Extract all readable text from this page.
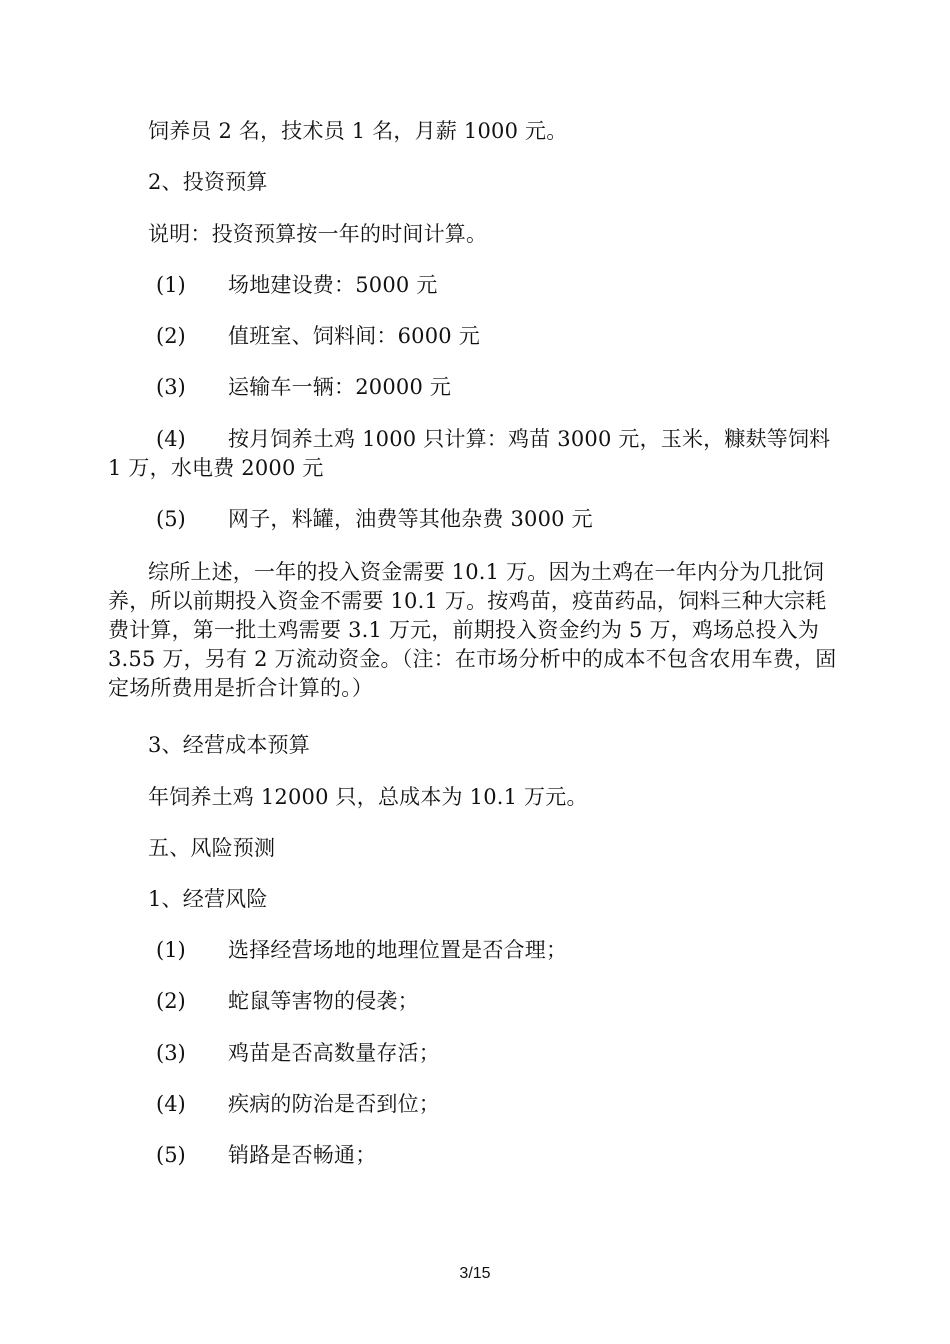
饲养员 2 名，技术员 1 名，月薪 1000 元。
2、投资预算
说明：投资预算按一年的时间计算。
(1) 场地建设费：5000 元
(2) 值班室、饲料间：6000 元
(3) 运输车一辆：20000 元
(4) 按月饲养土鸡 1000 只计算：鸡苗 3000 元，玉米，糠麸等饲料
1 万，水电费 2000 元
(5) 网子，料罐，油费等其他杂费 3000 元
综所上述，一年的投入资金需要 10.1 万。因为土鸡在一年内分为几批饲养，所以前期投入资金不需要 10.1 万。按鸡苗，疫苗药品，饲料三种大宗耗费计算，第一批土鸡需要 3.1 万元，前期投入资金约为 5 万，鸡场总投入为 3.55 万，另有 2 万流动资金。（注：在市场分析中的成本不包含农用车费，固定场所费用是折合计算的。）
3、经营成本预算
年饲养土鸡 12000 只，总成本为 10.1 万元。
五、风险预测
1、经营风险
(1) 选择经营场地的地理位置是否合理；
(2) 蛇鼠等害物的侵袭；
(3) 鸡苗是否高数量存活；
(4) 疾病的防治是否到位；
(5) 销路是否畅通；
3/15
